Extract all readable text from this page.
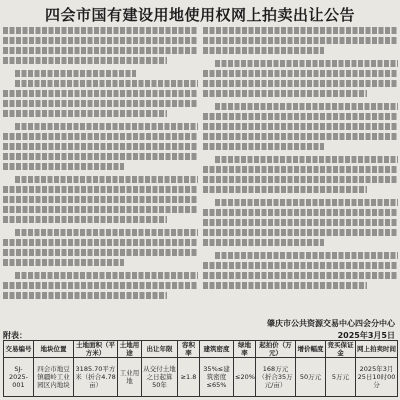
四会市国有建设用地使用权网上拍卖出让公告
肇庆市公共资源交易中心四会分中心
附表：	2025年3月5日
交易编号	地块位置	土地面积（平方米）	土地用途	出让年限	容积率	建筑密度	绿地率	起拍价（万元）	增价幅度	竞买保证金	网上拍卖时间
SJ-2025-001	四会市地豆镇疆岭工业园区内地块	3185.70平方米（折合4.78亩）	工业用地	从交付土地之日起算50年	≥1.8	35%≤建筑密度≤65%	≤20%	168万元（折合35万元/亩）	50万元	5万元	2025年3月25日10时00分
